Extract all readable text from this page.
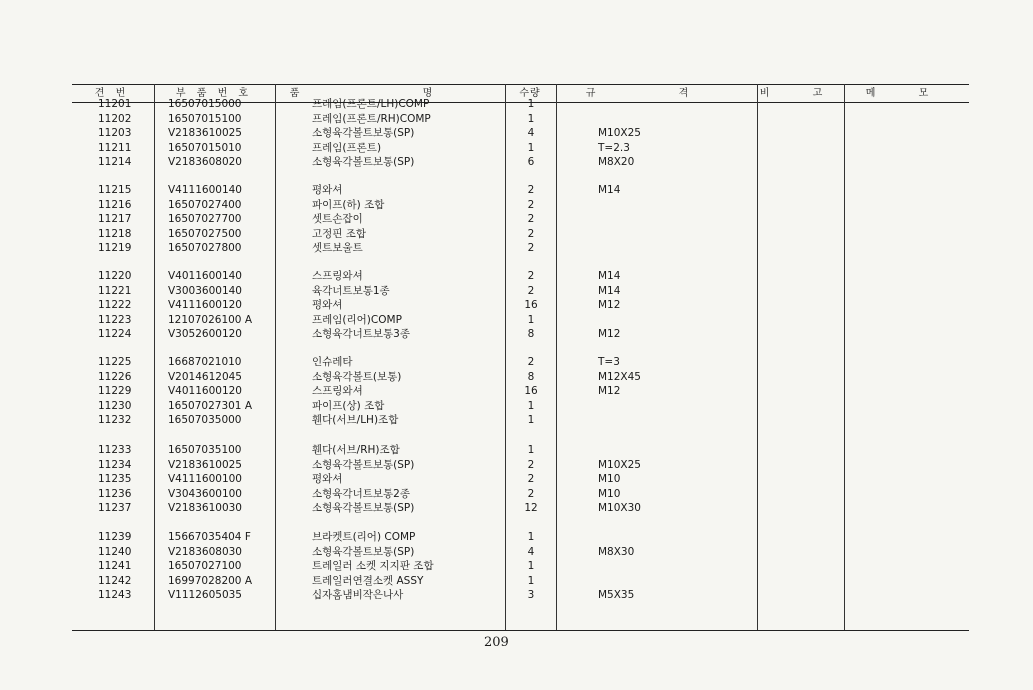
견 번	부 품 번 호	품 명	수량	규 격	비 고	메 모
11201	16507015000	프레임(프론트/LH)COMP	1
11202	16507015100	프레임(프론트/RH)COMP	1
11203	V2183610025	소형육각볼트보통(SP)	4	M10X25
11211	16507015010	프레임(프론트)	1	T=2.3
11214	V2183608020	소형육각볼트보통(SP)	6	M8X20
11215	V4111600140	평와셔	2	M14
11216	16507027400	파이프(하) 조합	2
11217	16507027700	셋트손잡이	2
11218	16507027500	고정핀 조합	2
11219	16507027800	셋트보울트	2
11220	V4011600140	스프링와셔	2	M14
11221	V3003600140	육각너트보통1종	2	M14
11222	V4111600120	평와셔	16	M12
11223	12107026100 A	프레임(리어)COMP	1
11224	V3052600120	소형육각너트보통3종	8	M12
11225	16687021010	인슈레타	2	T=3
11226	V2014612045	소형육각볼트(보통)	8	M12X45
11229	V4011600120	스프링와셔	16	M12
11230	16507027301 A	파이프(상) 조합	1
11232	16507035000	휀다(서브/LH)조합	1
11233	16507035100	휀다(서브/RH)조합	1
11234	V2183610025	소형육각볼트보통(SP)	2	M10X25
11235	V4111600100	평와셔	2	M10
11236	V3043600100	소형육각너트보통2종	2	M10
11237	V2183610030	소형육각볼트보통(SP)	12	M10X30
11239	15667035404 F	브라켓트(리어) COMP	1
11240	V2183608030	소형육각볼트보통(SP)	4	M8X30
11241	16507027100	트레일러 소켓 지지판 조합	1
11242	16997028200 A	트레일러연결소켓 ASSY	1
11243	V1112605035	십자홈냄비작은나사	3	M5X35
209
